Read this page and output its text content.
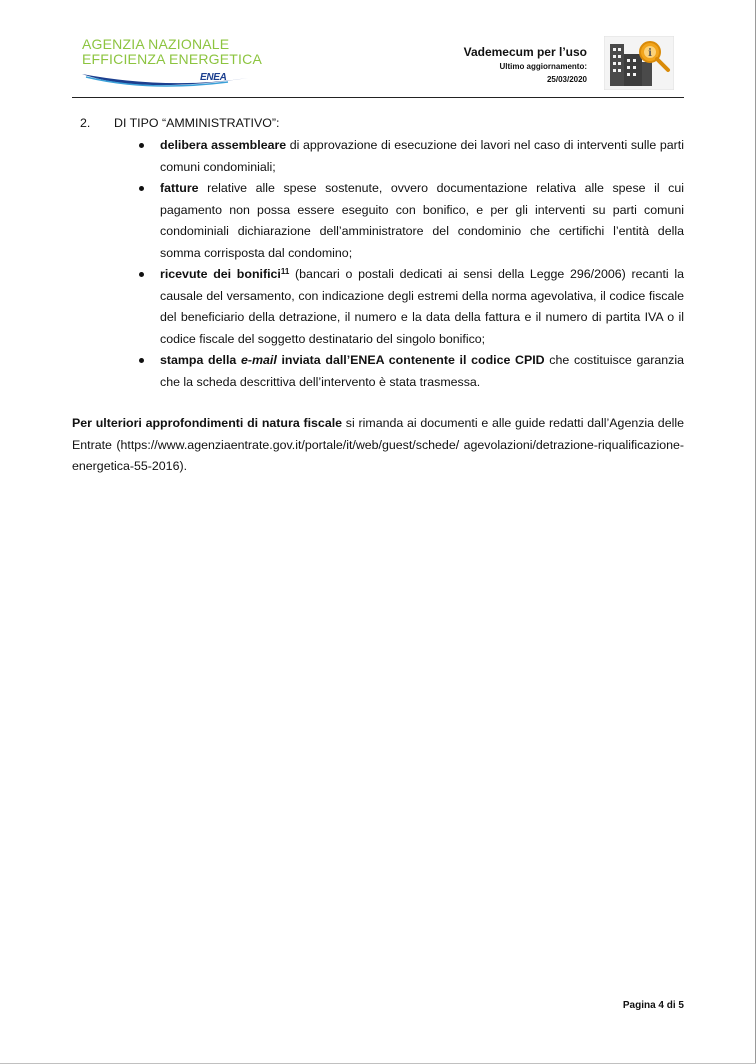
AGENZIA NAZIONALE
EFFICIENZA ENERGETICA
ENEA
Vademecum per l’uso
Ultimo aggiornamento:
25/03/2020
i
2. DI TIPO “AMMINISTRATIVO”:
delibera assembleare di approvazione di esecuzione dei lavori nel caso di interventi sulle parti comuni condominiali;
fatture relative alle spese sostenute, ovvero documentazione relativa alle spese il cui pagamento non possa essere eseguito con bonifico, e per gli interventi su parti comuni condominiali dichiarazione dell’amministratore del condominio che certifichi l’entità della somma corrisposta dal condomino;
ricevute dei bonifici$^{11}$ (bancari o postali dedicati ai sensi della Legge 296/2006) recanti la causale del versamento, con indicazione degli estremi della norma agevolativa, il codice fiscale del beneficiario della detrazione, il numero e la data della fattura e il numero di partita IVA o il codice fiscale del soggetto destinatario del singolo bonifico;
stampa della e-mail inviata dall’ENEA contenente il codice CPID che costituisce garanzia che la scheda descrittiva dell’intervento è stata trasmessa.
Per ulteriori approfondimenti di natura fiscale si rimanda ai documenti e alle guide redatti dall’Agenzia delle Entrate (https://www.agenziaentrate.gov.it/portale/it/web/guest/schede/ agevolazioni/detrazione-riqualificazione-energetica-55-2016).
Pagina 4 di 5
